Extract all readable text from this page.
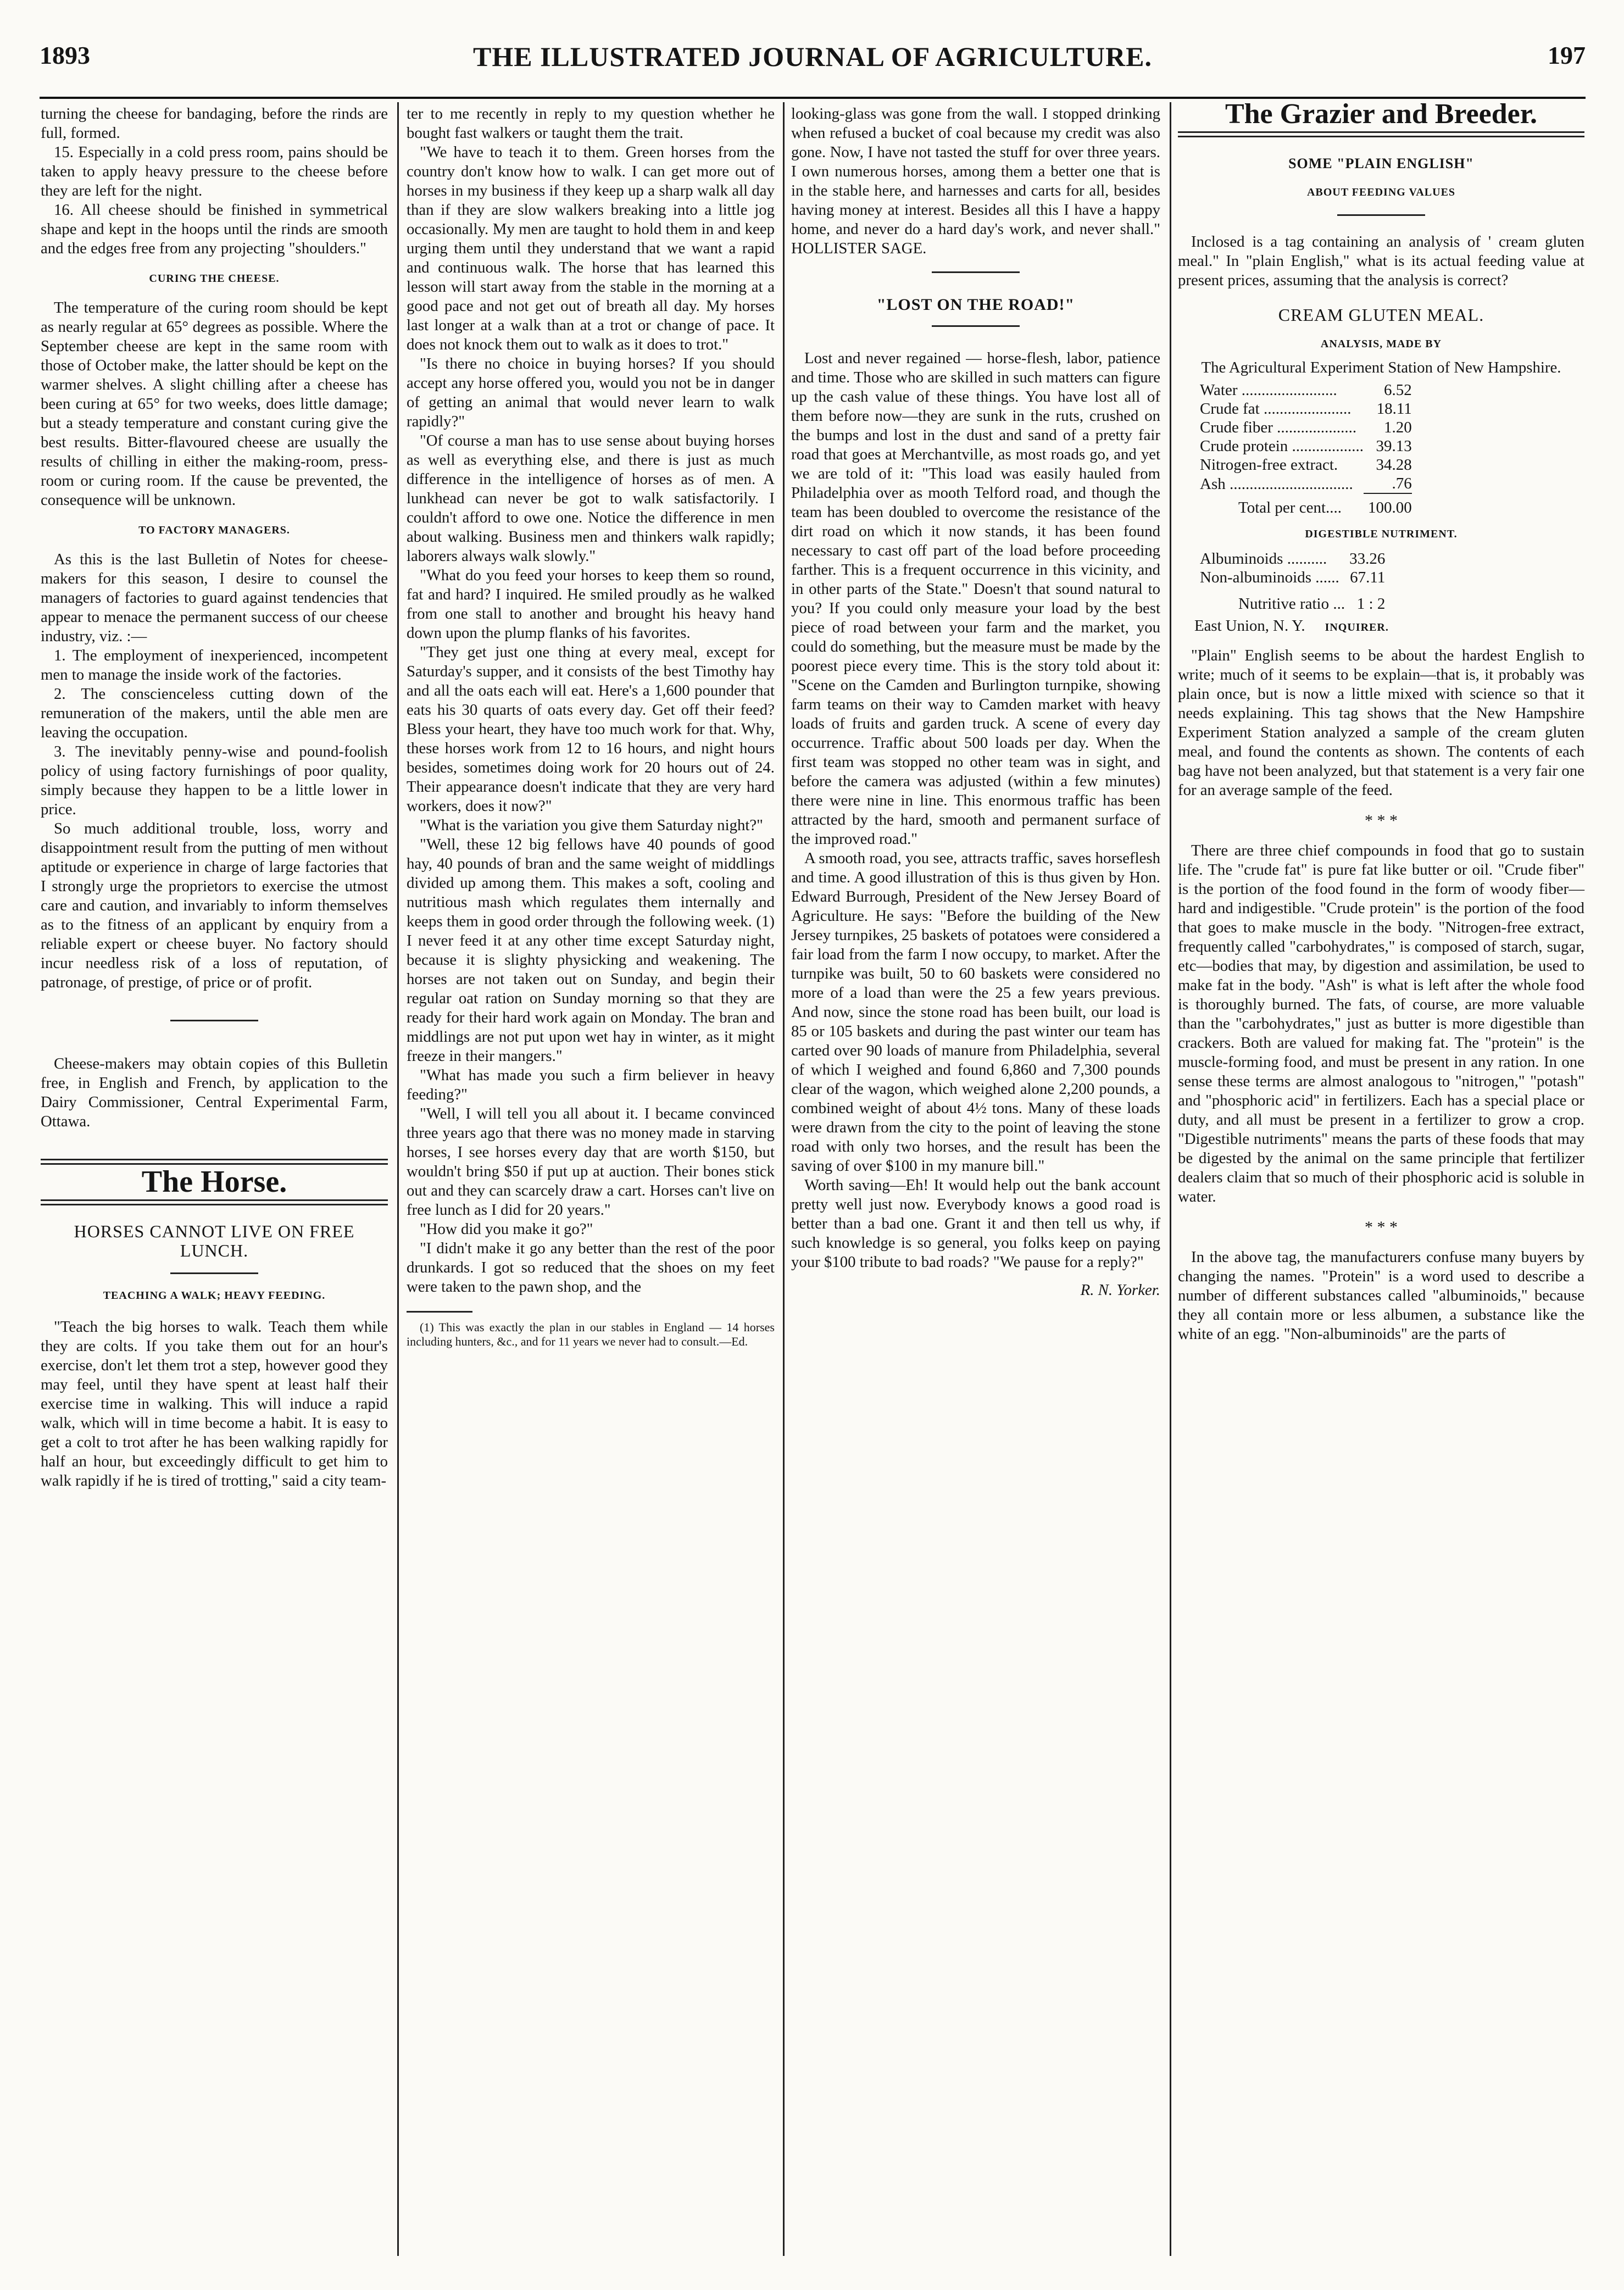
1893	THE ILLUSTRATED JOURNAL OF AGRICULTURE.	197

turning the cheese for bandaging, before the rinds are full, formed.

15. Especially in a cold press room, pains should be taken to apply heavy pressure to the cheese before they are left for the night.

16. All cheese should be finished in symmetrical shape and kept in the hoops until the rinds are smooth and the edges free from any projecting "shoulders."

CURING THE CHEESE.

The temperature of the curing room should be kept as nearly regular at 65° degrees as possible. Where the September cheese are kept in the same room with those of October make, the latter should be kept on the warmer shelves. A slight chilling after a cheese has been curing at 65° for two weeks, does little damage; but a steady temperature and constant curing give the best results. Bitter-flavoured cheese are usually the results of chilling in either the making-room, press-room or curing room. If the cause be prevented, the consequence will be unknown.

TO FACTORY MANAGERS.

As this is the last Bulletin of Notes for cheese-makers for this season, I desire to counsel the managers of factories to guard against tendencies that appear to menace the permanent success of our cheese industry, viz. :—

1. The employment of inexperienced, incompetent men to manage the inside work of the factories.

2. The conscienceless cutting down of the remuneration of the makers, until the able men are leaving the occupation.

3. The inevitably penny-wise and pound-foolish policy of using factory furnishings of poor quality, simply because they happen to be a little lower in price.

So much additional trouble, loss, worry and disappointment result from the putting of men without aptitude or experience in charge of large factories that I strongly urge the proprietors to exercise the utmost care and caution, and invariably to inform themselves as to the fitness of an applicant by enquiry from a reliable expert or cheese buyer. No factory should incur needless risk of a loss of reputation, of patronage, of prestige, of price or of profit.

Cheese-makers may obtain copies of this Bulletin free, in English and French, by application to the Dairy Commissioner, Central Experimental Farm, Ottawa.

The Horse.
HORSES CANNOT LIVE ON FREE LUNCH.
TEACHING A WALK; HEAVY FEEDING.

"Teach the big horses to walk. Teach them while they are colts. If you take them out for an hour's exercise, don't let them trot a step, however good they may feel, until they have spent at least half their exercise time in walking. This will induce a rapid walk, which will in time become a habit. It is easy to get a colt to trot after he has been walking rapidly for half an hour, but exceedingly difficult to get him to walk rapidly if he is tired of trotting," said a city team-

ter to me recently in reply to my question whether he bought fast walkers or taught them the trait.

"We have to teach it to them. Green horses from the country don't know how to walk. I can get more out of horses in my business if they keep up a sharp walk all day than if they are slow walkers breaking into a little jog occasionally. My men are taught to hold them in and keep urging them until they understand that we want a rapid and continuous walk. The horse that has learned this lesson will start away from the stable in the morning at a good pace and not get out of breath all day. My horses last longer at a walk than at a trot or change of pace. It does not knock them out to walk as it does to trot."

"Is there no choice in buying horses? If you should accept any horse offered you, would you not be in danger of getting an animal that would never learn to walk rapidly?"

"Of course a man has to use sense about buying horses as well as everything else, and there is just as much difference in the intelligence of horses as of men. A lunkhead can never be got to walk satisfactorily. I couldn't afford to owe one. Notice the difference in men about walking. Business men and thinkers walk rapidly; laborers always walk slowly."

"What do you feed your horses to keep them so round, fat and hard? I inquired. He smiled proudly as he walked from one stall to another and brought his heavy hand down upon the plump flanks of his favorites.

"They get just one thing at every meal, except for Saturday's supper, and it consists of the best Timothy hay and all the oats each will eat. Here's a 1,600 pounder that eats his 30 quarts of oats every day. Get off their feed? Bless your heart, they have too much work for that. Why, these horses work from 12 to 16 hours, and night hours besides, sometimes doing work for 20 hours out of 24. Their appearance doesn't indicate that they are very hard workers, does it now?"

"What is the variation you give them Saturday night?"

"Well, these 12 big fellows have 40 pounds of good hay, 40 pounds of bran and the same weight of middlings divided up among them. This makes a soft, cooling and nutritious mash which regulates them internally and keeps them in good order through the following week. (1) I never feed it at any other time except Saturday night, because it is slighty physicking and weakening. The horses are not taken out on Sunday, and begin their regular oat ration on Sunday morning so that they are ready for their hard work again on Monday. The bran and middlings are not put upon wet hay in winter, as it might freeze in their mangers."

"What has made you such a firm believer in heavy feeding?"

"Well, I will tell you all about it. I became convinced three years ago that there was no money made in starving horses, I see horses every day that are worth $150, but wouldn't bring $50 if put up at auction. Their bones stick out and they can scarcely draw a cart. Horses can't live on free lunch as I did for 20 years."

"How did you make it go?"

"I didn't make it go any better than the rest of the poor drunkards. I got so reduced that the shoes on my feet were taken to the pawn shop, and the

(1) This was exactly the plan in our stables in England — 14 horses including hunters, &c., and for 11 years we never had to consult.—Ed.

looking-glass was gone from the wall. I stopped drinking when refused a bucket of coal because my credit was also gone. Now, I have not tasted the stuff for over three years. I own numerous horses, among them a better one that is in the stable here, and harnesses and carts for all, besides having money at interest. Besides all this I have a happy home, and never do a hard day's work, and never shall." HOLLISTER SAGE.

"LOST ON THE ROAD!"

Lost and never regained — horse-flesh, labor, patience and time. Those who are skilled in such matters can figure up the cash value of these things. You have lost all of them before now—they are sunk in the ruts, crushed on the bumps and lost in the dust and sand of a pretty fair road that goes at Merchantville, as most roads go, and yet we are told of it: "This load was easily hauled from Philadelphia over as mooth Telford road, and though the team has been doubled to overcome the resistance of the dirt road on which it now stands, it has been found necessary to cast off part of the load before proceeding farther. This is a frequent occurrence in this vicinity, and in other parts of the State." Doesn't that sound natural to you? If you could only measure your load by the best piece of road between your farm and the market, you could do something, but the measure must be made by the poorest piece every time. This is the story told about it: "Scene on the Camden and Burlington turnpike, showing farm teams on their way to Camden market with heavy loads of fruits and garden truck. A scene of every day occurrence. Traffic about 500 loads per day. When the first team was stopped no other team was in sight, and before the camera was adjusted (within a few minutes) there were nine in line. This enormous traffic has been attracted by the hard, smooth and permanent surface of the improved road."

A smooth road, you see, attracts traffic, saves horseflesh and time. A good illustration of this is thus given by Hon. Edward Burrough, President of the New Jersey Board of Agriculture. He says: "Before the building of the New Jersey turnpikes, 25 baskets of potatoes were considered a fair load from the farm I now occupy, to market. After the turnpike was built, 50 to 60 baskets were considered no more of a load than were the 25 a few years previous. And now, since the stone road has been built, our load is 85 or 105 baskets and during the past winter our team has carted over 90 loads of manure from Philadelphia, several of which I weighed and found 6,860 and 7,300 pounds clear of the wagon, which weighed alone 2,200 pounds, a combined weight of about 4½ tons. Many of these loads were drawn from the city to the point of leaving the stone road with only two horses, and the result has been the saving of over $100 in my manure bill."

Worth saving—Eh! It would help out the bank account pretty well just now. Everybody knows a good road is better than a bad one. Grant it and then tell us why, if such knowledge is so general, you folks keep on paying your $100 tribute to bad roads? "We pause for a reply?"

R. N. Yorker.

The Grazier and Breeder.
SOME "PLAIN ENGLISH"
ABOUT FEEDING VALUES

Inclosed is a tag containing an analysis of ' cream gluten meal." In "plain English," what is its actual feeding value at present prices, assuming that the analysis is correct?

CREAM GLUTEN MEAL.
ANALYSIS, MADE BY
The Agricultural Experiment Station of New Hampshire.
Water ........................	6.52
Crude fat ......................	18.11
Crude fiber ....................	1.20
Crude protein ..................	39.13
Nitrogen-free extract.	34.28
Ash ...............................	.76
Total per cent....	100.00
DIGESTIBLE NUTRIMENT.
Albuminoids ..........	33.26
Non-albuminoids ......	67.11
Nutritive ratio ...	1 : 2

East Union, N. Y. INQUIRER.

"Plain" English seems to be about the hardest English to write; much of it seems to be explain—that is, it probably was plain once, but is now a little mixed with science so that it needs explaining. This tag shows that the New Hampshire Experiment Station analyzed a sample of the cream gluten meal, and found the contents as shown. The contents of each bag have not been analyzed, but that statement is a very fair one for an average sample of the feed.

* * *

There are three chief compounds in food that go to sustain life. The "crude fat" is pure fat like butter or oil. "Crude fiber" is the portion of the food found in the form of woody fiber—hard and indigestible. "Crude protein" is the portion of the food that goes to make muscle in the body. "Nitrogen-free extract, frequently called "carbohydrates," is composed of starch, sugar, etc—bodies that may, by digestion and assimilation, be used to make fat in the body. "Ash" is what is left after the whole food is thoroughly burned. The fats, of course, are more valuable than the "carbohydrates," just as butter is more digestible than crackers. Both are valued for making fat. The "protein" is the muscle-forming food, and must be present in any ration. In one sense these terms are almost analogous to "nitrogen," "potash" and "phosphoric acid" in fertilizers. Each has a special place or duty, and all must be present in a fertilizer to grow a crop. "Digestible nutriments" means the parts of these foods that may be digested by the animal on the same principle that fertilizer dealers claim that so much of their phosphoric acid is soluble in water.

* * *

In the above tag, the manufacturers confuse many buyers by changing the names. "Protein" is a word used to describe a number of different substances called "albuminoids," because they all contain more or less albumen, a substance like the white of an egg. "Non-albuminoids" are the parts of
